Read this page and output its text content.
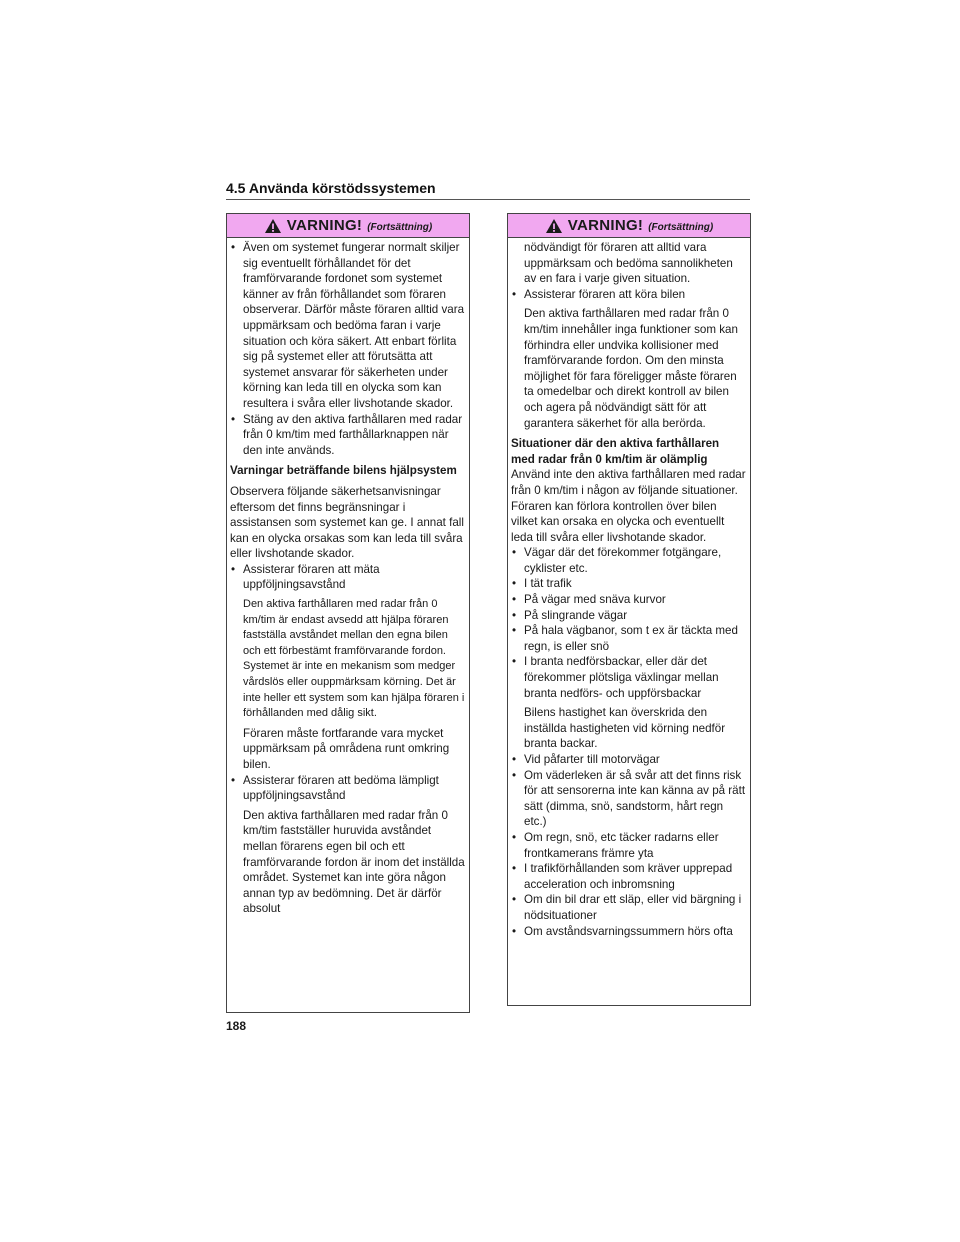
4.5 Använda körstödssystemen
VARNING! (Fortsättning)

• Även om systemet fungerar normalt skiljer sig eventuellt förhållandet för det framförvarande fordonet som systemet känner av från förhållandet som föraren observerar. Därför måste föraren alltid vara uppmärksam och bedöma faran i varje situation och köra säkert. Att enbart förlita sig på systemet eller att förutsätta att systemet ansvarar för säkerheten under körning kan leda till en olycka som kan resultera i svåra eller livshotande skador.

• Stäng av den aktiva farthållaren med radar från 0 km/tim med farthållarknappen när den inte används.

Varningar beträffande bilens hjälpsystem
Observera följande säkerhetsanvisningar eftersom det finns begränsningar i assistansen som systemet kan ge. I annat fall kan en olycka orsakas som kan leda till svåra eller livshotande skador.

• Assisterar föraren att mäta uppföljningsavstånd

Den aktiva farthållaren med radar från 0 km/tim är endast avsedd att hjälpa föraren fastställa avståndet mellan den egna bilen och ett förbestämt framförvarande fordon. Systemet är inte en mekanism som medger vårdslös eller ouppmärksam körning. Det är inte heller ett system som kan hjälpa föraren i förhållanden med dålig sikt.
Föraren måste fortfarande vara mycket uppmärksam på områdena runt omkring bilen.

• Assisterar föraren att bedöma lämpligt uppföljningsavstånd

Den aktiva farthållaren med radar från 0 km/tim fastställer huruvida avståndet mellan förarens egen bil och ett framförvarande fordon är inom det inställda området. Systemet kan inte göra någon annan typ av bedömning. Det är därför absolut
VARNING! (Fortsättning)
nödvändigt för föraren att alltid vara uppmärksam och bedöma sannolikheten av en fara i varje given situation.

• Assisterar föraren att köra bilen

Den aktiva farthållaren med radar från 0 km/tim innehåller inga funktioner som kan förhindra eller undvika kollisioner med framförvarande fordon. Om den minsta möjlighet för fara föreligger måste föraren ta omedelbar och direkt kontroll av bilen och agera på nödvändigt sätt för att garantera säkerhet för alla berörda.
Situationer där den aktiva farthållaren med radar från 0 km/tim är olämplig
Använd inte den aktiva farthållaren med radar från 0 km/tim i någon av följande situationer. Föraren kan förlora kontrollen över bilen vilket kan orsaka en olycka och eventuellt leda till svåra eller livshotande skador.

• Vägar där det förekommer fotgängare, cyklister etc.

• I tät trafik

• På vägar med snäva kurvor

• På slingrande vägar

• På hala vägbanor, som t ex är täckta med regn, is eller snö

• I branta nedförsbackar, eller där det förekommer plötsliga växlingar mellan branta nedförs- och uppförsbackar

Bilens hastighet kan överskrida den inställda hastigheten vid körning nedför branta backar.

• Vid påfarter till motorvägar

• Om väderleken är så svår att det finns risk för att sensorerna inte kan känna av på rätt sätt (dimma, snö, sandstorm, hårt regn etc.)

• Om regn, snö, etc täcker radarns eller frontkamerans främre yta

• I trafikförhållanden som kräver upprepad acceleration och inbromsning

• Om din bil drar ett släp, eller vid bärgning i nödsituationer

• Om avståndsvarningssummern hörs ofta

188
